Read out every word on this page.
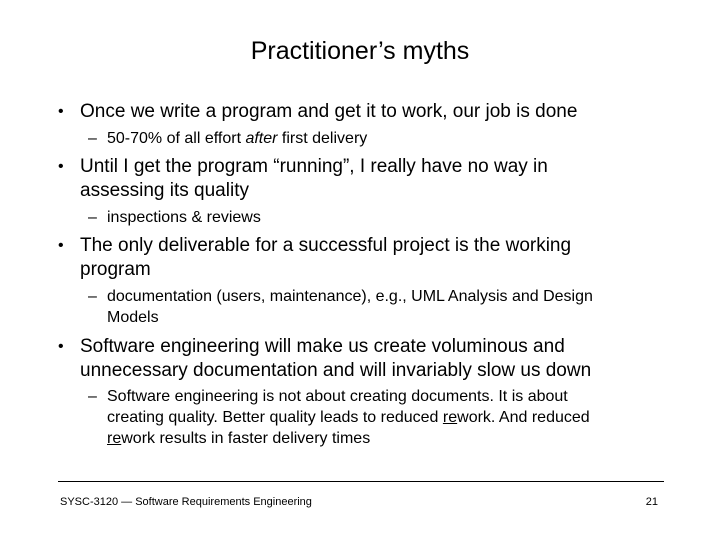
Practitioner’s myths
• Once we write a program and get it to work, our job is done
– 50-70% of all effort after first delivery
• Until I get the program “running”, I really have no way in
assessing its quality
– inspections & reviews
• The only deliverable for a successful project is the working
program
– documentation (users, maintenance), e.g., UML Analysis and Design
Models
• Software engineering will make us create voluminous and
unnecessary documentation and will invariably slow us down
– Software engineering is not about creating documents. It is about
creating quality. Better quality leads to reduced rework. And reduced
rework results in faster delivery times
SYSC-3120 — Software Requirements Engineering	21
